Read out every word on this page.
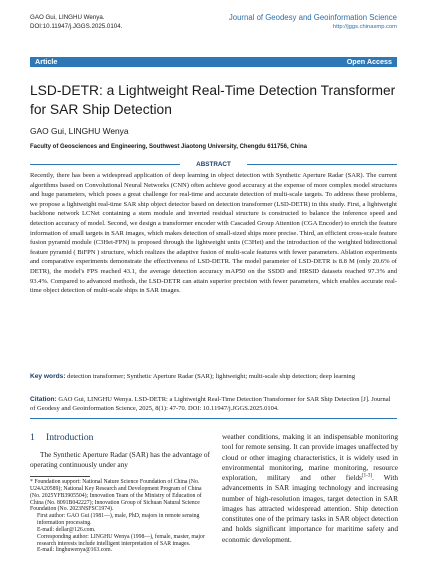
GAO Gui, LINGHU Wenya.
DOI:10.11947/j.JGGS.2025.0104.
Journal of Geodesy and Geoinformation Science
http://jggs.chinasmp.com
Article	Open Access
LSD-DETR: a Lightweight Real-Time Detection Transformer for SAR Ship Detection
GAO Gui, LINGHU Wenya
Faculty of Geosciences and Engineering, Southwest Jiaotong University, Chengdu 611756, China
ABSTRACT
Recently, there has been a widespread application of deep learning in object detection with Synthetic Aperture Radar (SAR). The current algorithms based on Convolutional Neural Networks (CNN) often achieve good accuracy at the expense of more complex model structures and huge parameters, which poses a great challenge for real-time and accurate detection of multi-scale targets. To address these problems, we propose a lightweight real-time SAR ship object detector based on detection transformer (LSD-DETR) in this study. First, a lightweight backbone network LCNet containing a stem module and inverted residual structure is constructed to balance the inference speed and detection accuracy of model. Second, we design a transformer encoder with Cascaded Group Attention (CGA Encoder) to enrich the feature information of small targets in SAR images, which makes detection of small-sized ships more precise. Third, an efficient cross-scale feature fusion pyramid module (C3Het-FPN) is proposed through the lightweight units (C3Het) and the introduction of the weighted bidirectional feature pyramid ( BiFPN ) structure, which realizes the adaptive fusion of multi-scale features with fewer parameters. Ablation experiments and comparative experiments demonstrate the effectiveness of LSD-DETR. The model parameter of LSD-DETR is 8.8 M (only 20.6% of DETR), the model's FPS reached 43.1, the average detection accuracy mAP50 on the SSDD and HRSID datasets reached 97.3% and 93.4%. Compared to advanced methods, the LSD-DETR can attain superior precision with fewer parameters, which enables accurate real-time object detection of multi-scale ships in SAR images.
Key words: detection transformer; Synthetic Aperture Radar (SAR); lightweight; multi-scale ship detection; deep learning
Citation: GAO Gui, LINGHU Wenya. LSD-DETR: a Lightweight Real-Time Detection Transformer for SAR Ship Detection [J]. Journal of Geodesy and Geoinformation Science, 2025, 8(1): 47-70. DOI: 10.11947/j.JGGS.2025.0104.
1 Introduction
The Synthetic Aperture Radar (SAR) has the advantage of operating continuously under any

* Foundation support: National Nature Science Foundation of China (No. U24A20589); National Key Research and Development Program of China (No. 2025YFB3905504); Innovation Team of the Ministry of Education of China (No. 8091B042227); Innovation Group of Sichuan Natural Science Foundation (No. 2023NSFSC1974).

First author: GAO Gui (1981—), male, PhD, majors in remote sensing information processing.

E-mail: dellar@126.com.

Corresponding author: LINGHU Wenya (1998—), female, master, major research interests include intelligent interpretation of SAR images.

E-mail: linghuwenya@163.com.

weather conditions, making it an indispensable monitoring tool for remote sensing. It can provide images unaffected by cloud or other imaging characteristics, it is widely used in environmental monitoring, marine monitoring, resource exploration, military and other fields[1-3]. With advancements in SAR imaging technology and increasing number of high-resolution images, target detection in SAR images has attracted widespread attention. Ship detection constitutes one of the primary tasks in SAR object detection and holds significant importance for maritime safety and economic development.
